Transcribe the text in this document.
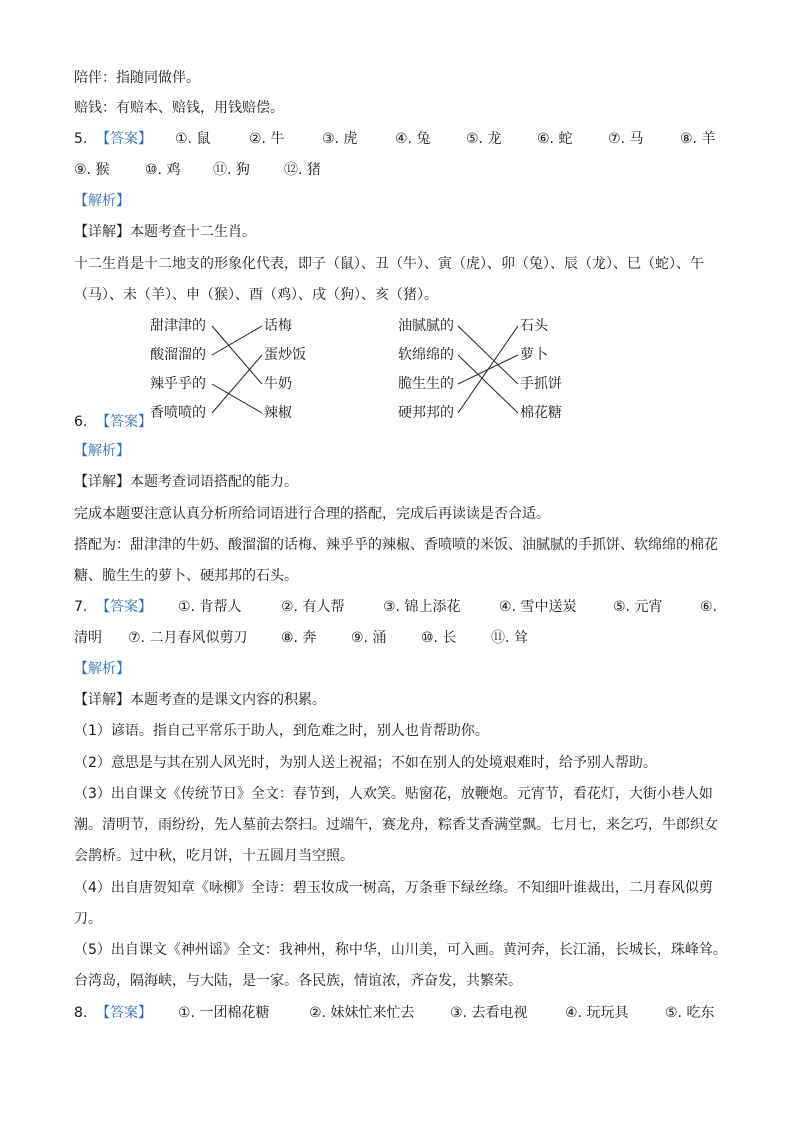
陪伴：指随同做伴。
赔钱：有赔本、赔钱，用钱赔偿。
5. 【答案】 ①. 鼠	②. 牛	③. 虎	④. 兔	⑤. 龙	⑥. 蛇	⑦. 马	⑧. 羊
⑨. 猴	⑩. 鸡 ⑪. 狗 ⑫. 猪
【解析】
【详解】本题考查十二生肖。
十二生肖是十二地支的形象化代表，即子（鼠）、丑（牛）、寅（虎）、卯（兔）、辰（龙）、巳（蛇）、午
（马）、未（羊）、申（猴）、酉（鸡）、戌（狗）、亥（猪）。
甜津津的
酸溜溜的
辣乎乎的
香喷喷的
话梅
蛋炒饭
牛奶
辣椒
油腻腻的
软绵绵的
脆生生的
硬邦邦的
石头
萝卜
手抓饼
棉花糖
6. 【答案】
【解析】
【详解】本题考查词语搭配的能力。
完成本题要注意认真分析所给词语进行合理的搭配，完成后再读读是否合适。
搭配为：甜津津的牛奶、酸溜溜的话梅、辣乎乎的辣椒、香喷喷的米饭、油腻腻的手抓饼、软绵绵的棉花
糖、脆生生的萝卜、硬邦邦的石头。
7. 【答案】 ①. 肯帮人	②. 有人帮	③. 锦上添花	④. 雪中送炭	⑤. 元宵	⑥.
清明 ⑦. 二月春风似剪刀 ⑧. 奔 ⑨. 涌 ⑩. 长 ⑪. 耸
【解析】
【详解】本题考查的是课文内容的积累。
（1）谚语。指自己平常乐于助人，到危难之时，别人也肯帮助你。
（2）意思是与其在别人风光时，为别人送上祝福；不如在别人的处境艰难时，给予别人帮助。
（3）出自课文《传统节日》全文：春节到，人欢笑。贴窗花，放鞭炮。元宵节，看花灯，大街小巷人如
潮。清明节，雨纷纷，先人墓前去祭扫。过端午，赛龙舟，粽香艾香满堂飘。七月七，来乞巧，牛郎织女
会鹊桥。过中秋，吃月饼，十五圆月当空照。
（4）出自唐贺知章《咏柳》全诗：碧玉妆成一树高，万条垂下绿丝绦。不知细叶谁裁出，二月春风似剪
刀。
（5）出自课文《神州谣》全文：我神州，称中华，山川美，可入画。黄河奔，长江涌，长城长，珠峰耸。
台湾岛，隔海峡，与大陆，是一家。各民族，情谊浓，齐奋发，共繁荣。
8. 【答案】 ①. 一团棉花糖	②. 妹妹忙来忙去	③. 去看电视	④. 玩玩具	⑤. 吃东
